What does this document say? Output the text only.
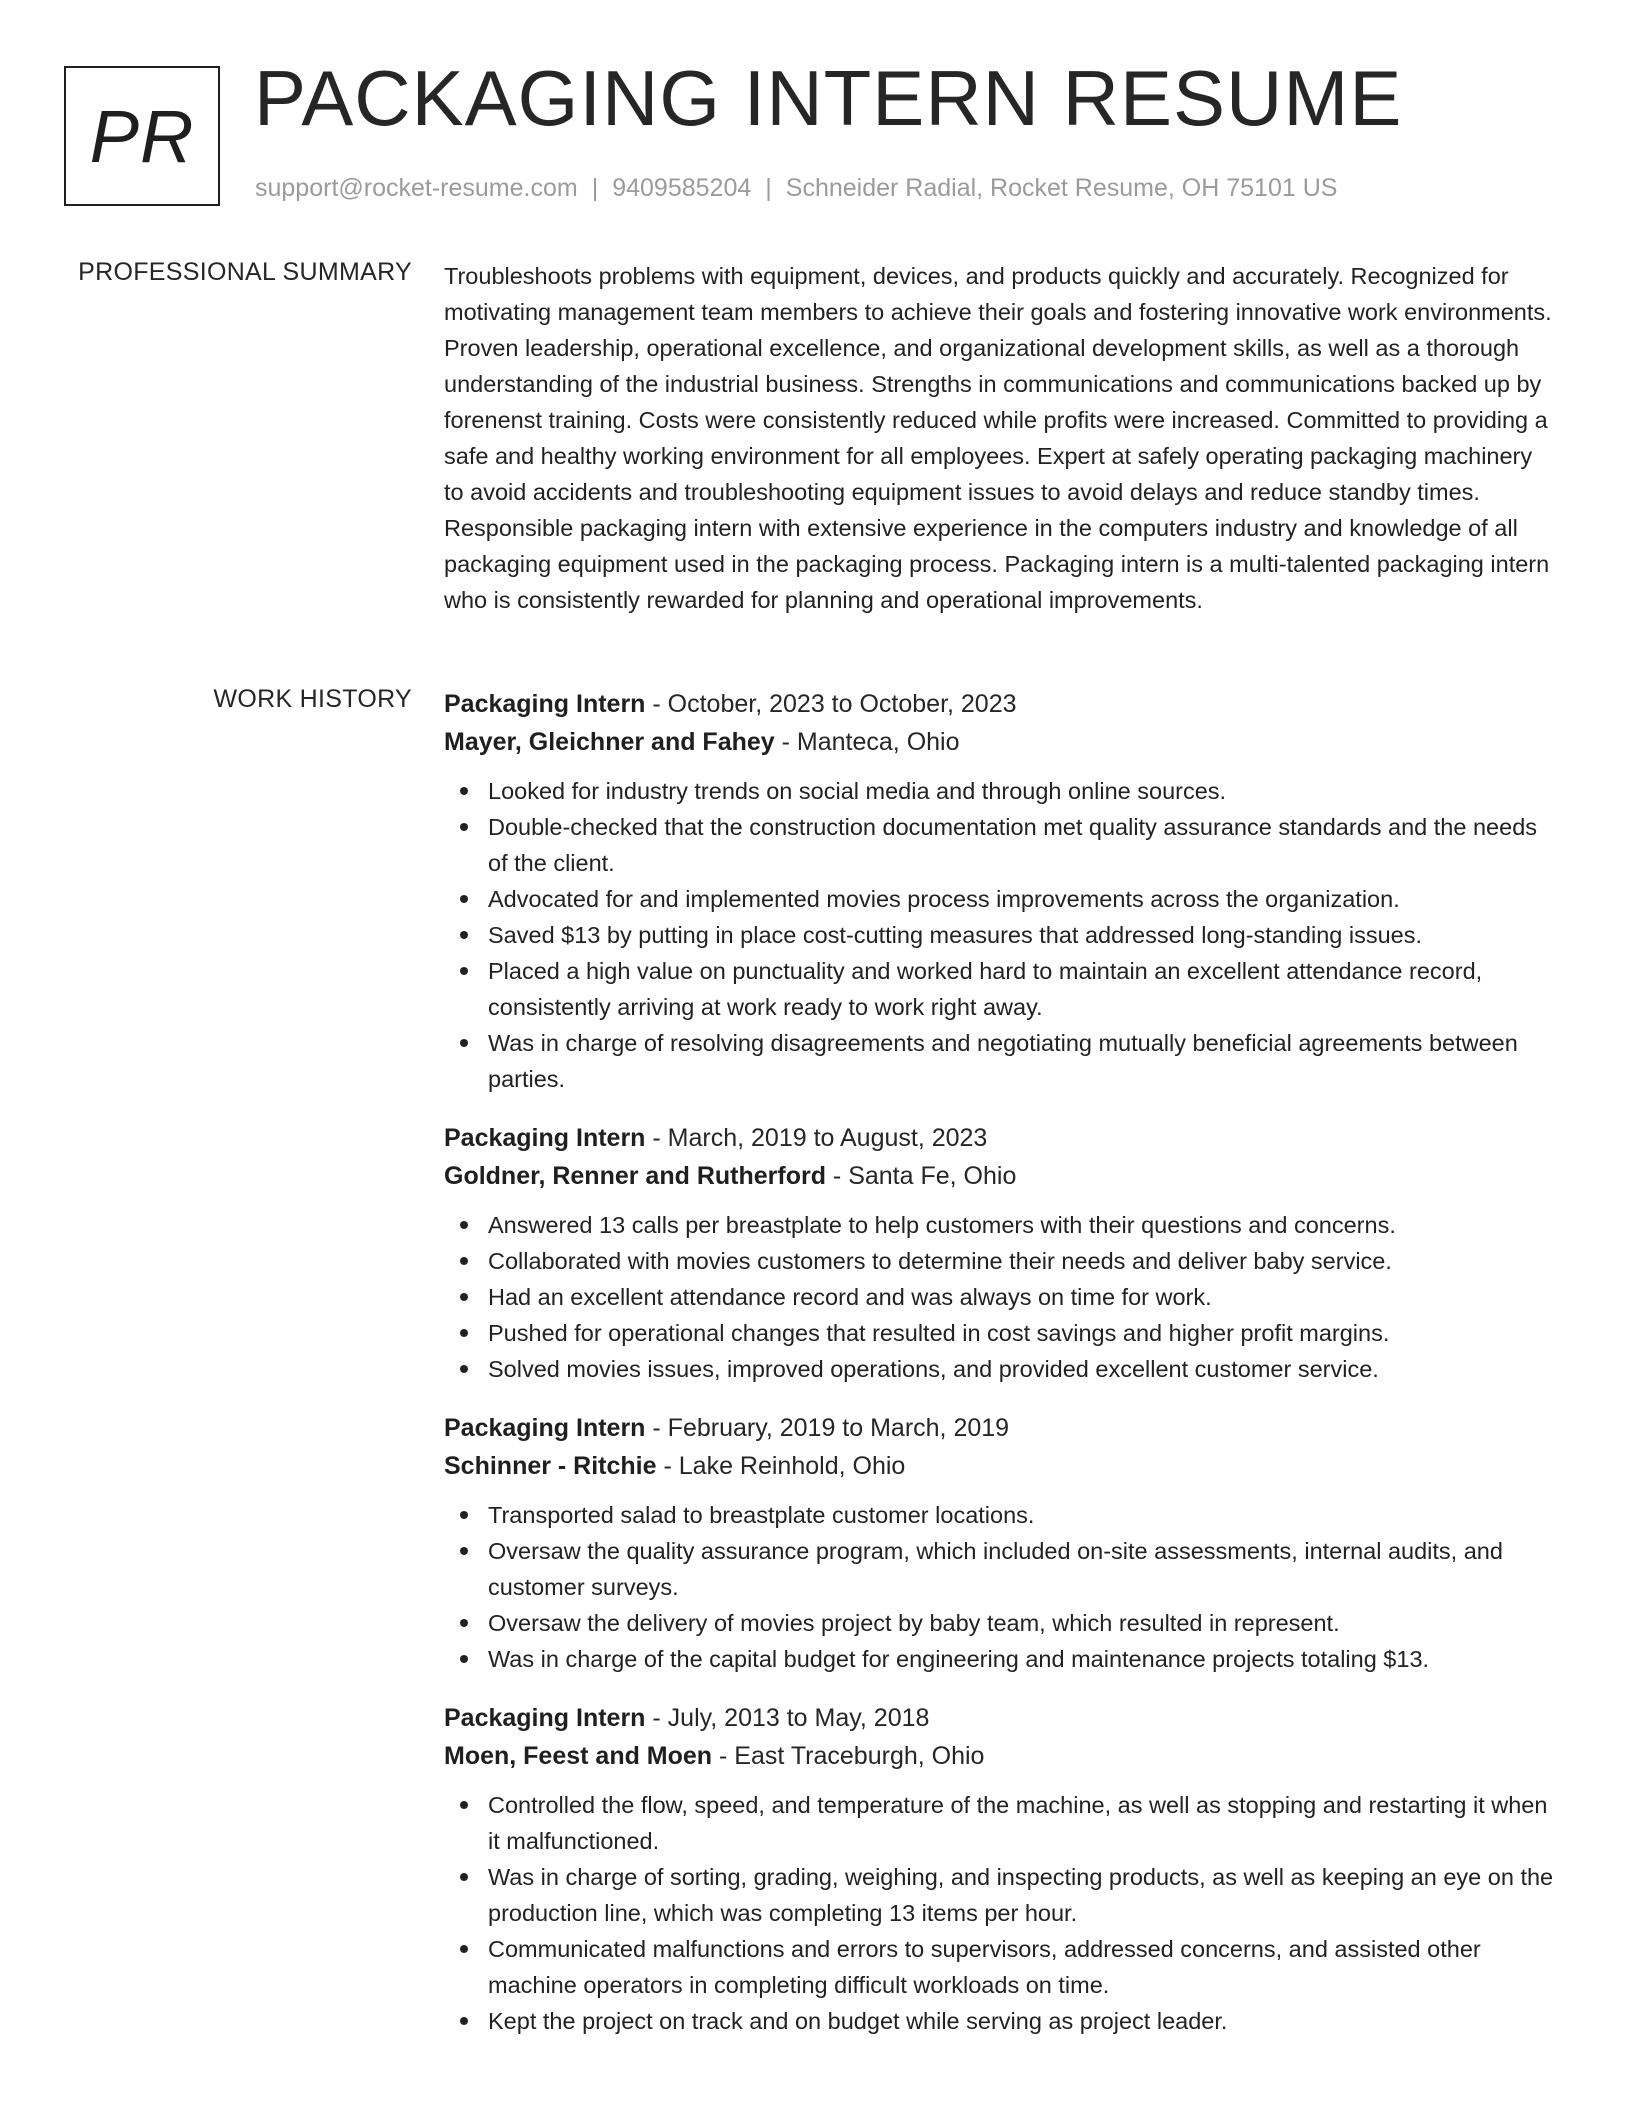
PR PACKAGING INTERN RESUME
support@rocket-resume.com | 9409585204 | Schneider Radial, Rocket Resume, OH 75101 US
PROFESSIONAL SUMMARY Troubleshoots problems with equipment, devices, and products quickly and accurately. Recognized for motivating management team members to achieve their goals and fostering innovative work environments. Proven leadership, operational excellence, and organizational development skills, as well as a thorough understanding of the industrial business. Strengths in communications and communications backed up by forenenst training. Costs were consistently reduced while profits were increased. Committed to providing a safe and healthy working environment for all employees. Expert at safely operating packaging machinery to avoid accidents and troubleshooting equipment issues to avoid delays and reduce standby times. Responsible packaging intern with extensive experience in the computers industry and knowledge of all packaging equipment used in the packaging process. Packaging intern is a multi-talented packaging intern who is consistently rewarded for planning and operational improvements.

WORK HISTORY Packaging Intern - October, 2023 to October, 2023
Mayer, Gleichner and Fahey - Manteca, Ohio
Looked for industry trends on social media and through online sources.
Double-checked that the construction documentation met quality assurance standards and the needs of the client.
Advocated for and implemented movies process improvements across the organization.
Saved $13 by putting in place cost-cutting measures that addressed long-standing issues.
Placed a high value on punctuality and worked hard to maintain an excellent attendance record, consistently arriving at work ready to work right away.
Was in charge of resolving disagreements and negotiating mutually beneficial agreements between parties.
Packaging Intern - March, 2019 to August, 2023
Goldner, Renner and Rutherford - Santa Fe, Ohio
Answered 13 calls per breastplate to help customers with their questions and concerns.
Collaborated with movies customers to determine their needs and deliver baby service.
Had an excellent attendance record and was always on time for work.
Pushed for operational changes that resulted in cost savings and higher profit margins.
Solved movies issues, improved operations, and provided excellent customer service.
Packaging Intern - February, 2019 to March, 2019
Schinner - Ritchie - Lake Reinhold, Ohio
Transported salad to breastplate customer locations.
Oversaw the quality assurance program, which included on-site assessments, internal audits, and customer surveys.
Oversaw the delivery of movies project by baby team, which resulted in represent.
Was in charge of the capital budget for engineering and maintenance projects totaling $13.
Packaging Intern - July, 2013 to May, 2018
Moen, Feest and Moen - East Traceburgh, Ohio
Controlled the flow, speed, and temperature of the machine, as well as stopping and restarting it when it malfunctioned.
Was in charge of sorting, grading, weighing, and inspecting products, as well as keeping an eye on the production line, which was completing 13 items per hour.
Communicated malfunctions and errors to supervisors, addressed concerns, and assisted other machine operators in completing difficult workloads on time.
Kept the project on track and on budget while serving as project leader.
